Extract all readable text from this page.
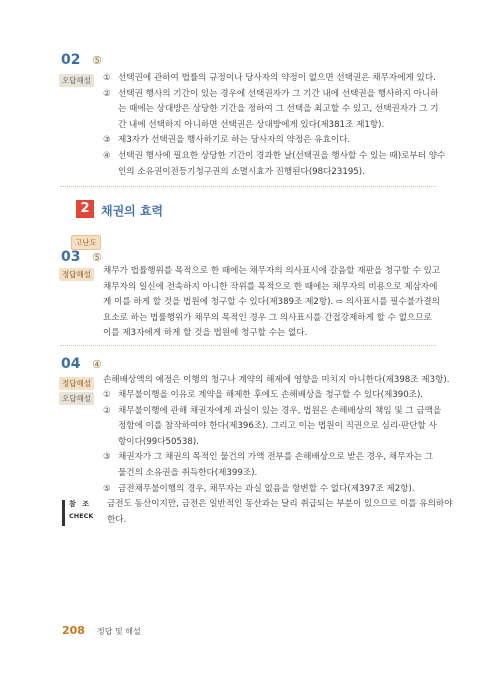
02 ⑤
오답해설	① 선택권에 관하여 법률의 규정이나 당사자의 약정이 없으면 선택권은 채무자에게 있다.
② 선택권 행사의 기간이 있는 경우에 선택권자가 그 기간 내에 선택권을 행사하지 아니하
는 때에는 상대방은 상당한 기간을 정하여 그 선택을 최고할 수 있고, 선택권자가 그 기
간 내에 선택하지 아니하면 선택권은 상대방에게 있다(제381조 제1항).
③ 제3자가 선택권을 행사하기로 하는 당사자의 약정은 유효이다.
④ 선택권 행사에 필요한 상당한 기간이 경과한 날(선택권을 행사할 수 있는 때)로부터 양수
인의 소유권이전등기청구권의 소멸시효가 진행된다(98다23195).
2 채권의 효력
고난도
03 ⑤
정답해설	채무가 법률행위를 목적으로 한 때에는 채무자의 의사표시에 갈음할 재판을 청구할 수 있고
채무자의 일신에 전속하지 아니한 작위를 목적으로 한 때에는 채무자의 비용으로 제삼자에
게 이를 하게 할 것을 법원에 청구할 수 있다(제389조 제2항). ⇨ 의사표시를 필수불가결의
요소로 하는 법률행위가 채무의 목적인 경우 그 의사표시를 간접강제하게 할 수 없으므로
이를 제3자에게 하게 할 것을 법원에 청구할 수는 없다.
04 ④
정답해설	손해배상액의 예정은 이행의 청구나 계약의 해제에 영향을 미치지 아니한다(제398조 제3항).
오답해설	① 채무불이행을 이유로 계약을 해제한 후에도 손해배상을 청구할 수 있다(제390조).
② 채무불이행에 관해 채권자에게 과실이 있는 경우, 법원은 손해배상의 책임 및 그 금액을
정함에 이를 참작하여야 한다(제396조). 그리고 이는 법원이 직권으로 심리·판단할 사
항이다(99다50538).
③ 채권자가 그 채권의 목적인 물건의 가액 전부를 손해배상으로 받은 경우, 채무자는 그
물건의 소유권을 취득한다(제399조).
⑤ 금전채무불이행의 경우, 채무자는 과실 없음을 항변할 수 없다(제397조 제2항).
참 조
CHECK
금전도 동산이지만, 금전은 일반적인 동산과는 달리 취급되는 부분이 있으므로 이를 유의하야
한다.
208 정답 및 해설
